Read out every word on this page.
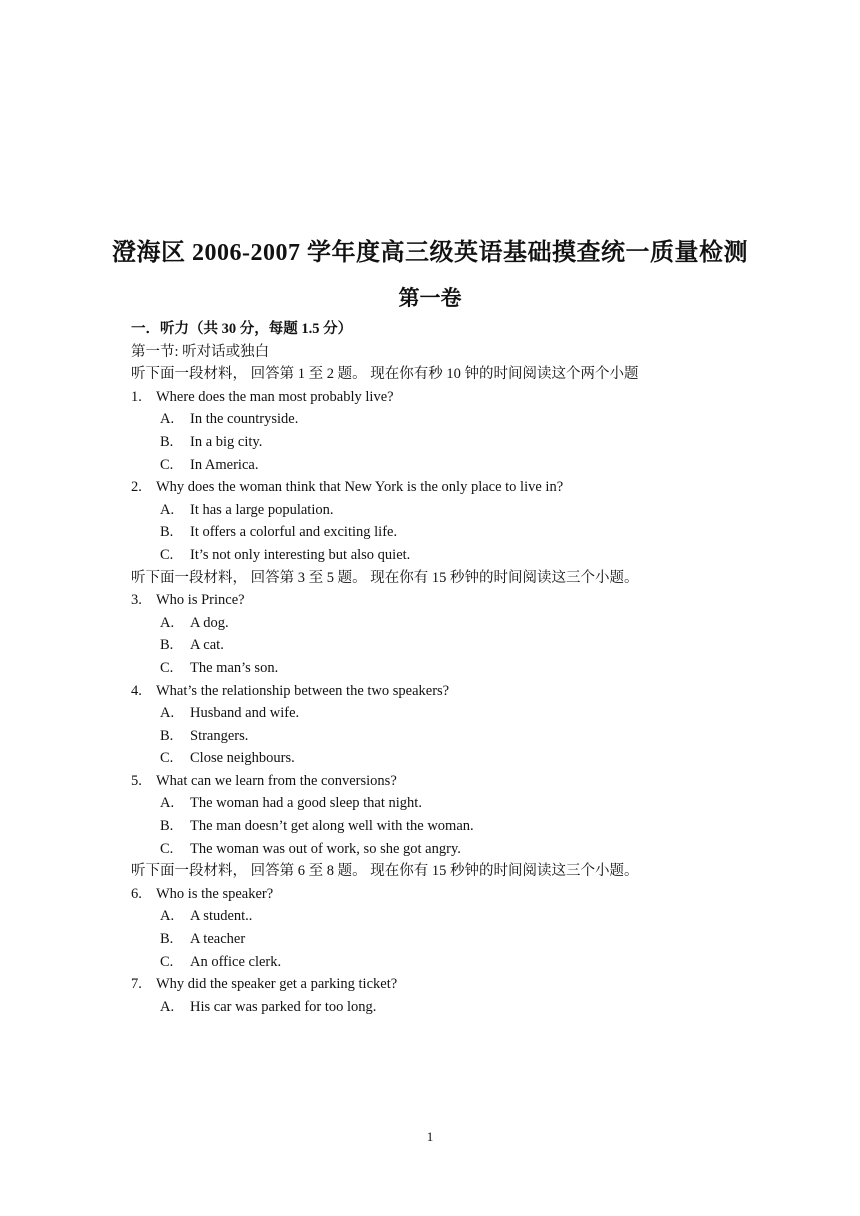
澄海区 2006-2007 学年度高三级英语基础摸查统一质量检测
第一卷
一．听力（共 30 分，每题 1.5 分）
第一节: 听对话或独白
听下面一段材料， 回答第 1 至 2 题。 现在你有秒 10 钟的时间阅读这个两个小题
1. Where does the man most probably live?
A.	In the countryside.
B.	In a big city.
C.	In America.
2. Why does the woman think that New York is the only place to live in?
A.	It has a large population.
B.	It offers a colorful and exciting life.
C.	It’s not only interesting but also quiet.
听下面一段材料， 回答第 3 至 5 题。 现在你有 15 秒钟的时间阅读这三个小题。
3. Who is Prince?
A.	A dog.
B.	A cat.
C.	The man’s son.
4. What’s the relationship between the two speakers?
A.	Husband and wife.
B.	Strangers.
C.	Close neighbours.
5. What can we learn from the conversions?
A.	The woman had a good sleep that night.
B.	The man doesn’t get along well with the woman.
C.	The woman was out of work, so she got angry.
听下面一段材料， 回答第 6 至 8 题。 现在你有 15 秒钟的时间阅读这三个小题。
6. Who is the speaker?
A.	A student..
B.	A teacher
C.	An office clerk.
7. Why did the speaker get a parking ticket?
A.	His car was parked for too long.
1
